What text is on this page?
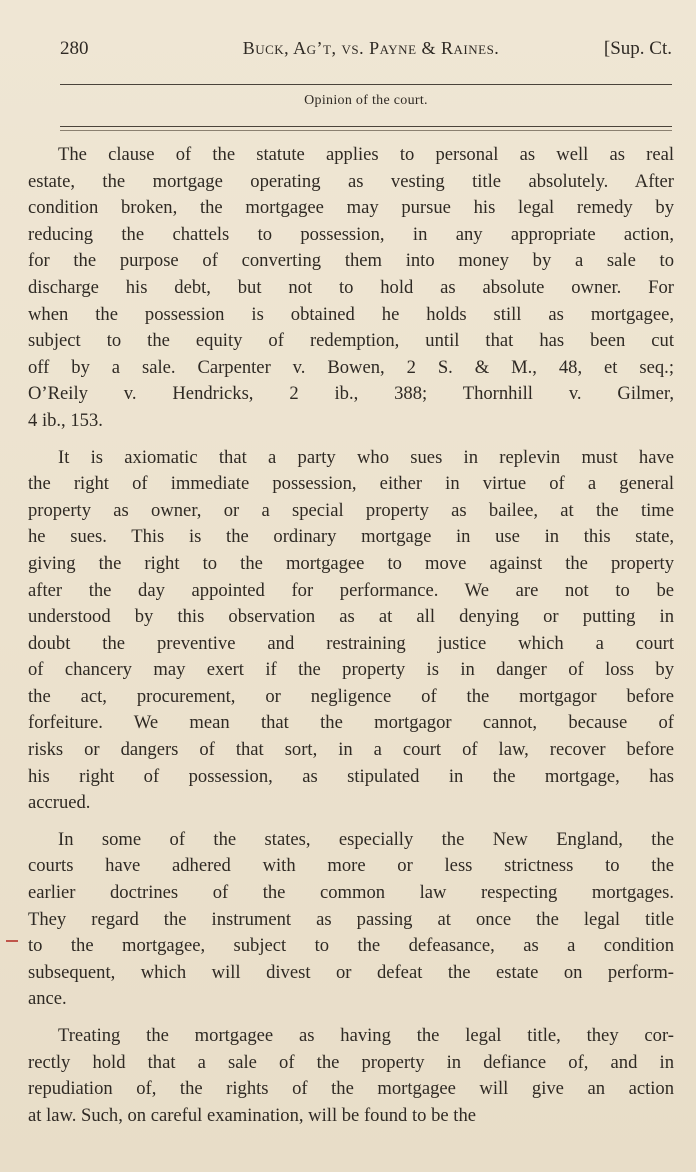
280	Buck, Ag’t, vs. Payne & Raines.	[Sup. Ct.
Opinion of the court.
The clause of the statute applies to personal as well as real
estate, the mortgage operating as vesting title absolutely. After
condition broken, the mortgagee may pursue his legal remedy by
reducing the chattels to possession, in any appropriate action,
for the purpose of converting them into money by a sale to
discharge his debt, but not to hold as absolute owner. For
when the possession is obtained he holds still as mortgagee,
subject to the equity of redemption, until that has been cut
off by a sale. Carpenter v. Bowen, 2 S. & M., 48, et seq.;
O’Reily v. Hendricks, 2 ib., 388; Thornhill v. Gilmer,
4 ib., 153.
It is axiomatic that a party who sues in replevin must have
the right of immediate possession, either in virtue of a general
property as owner, or a special property as bailee, at the time
he sues. This is the ordinary mortgage in use in this state,
giving the right to the mortgagee to move against the property
after the day appointed for performance. We are not to be
understood by this observation as at all denying or putting in
doubt the preventive and restraining justice which a court
of chancery may exert if the property is in danger of loss by
the act, procurement, or negligence of the mortgagor before
forfeiture. We mean that the mortgagor cannot, because of
risks or dangers of that sort, in a court of law, recover before
his right of possession, as stipulated in the mortgage, has
accrued.
In some of the states, especially the New England, the
courts have adhered with more or less strictness to the
earlier doctrines of the common law respecting mortgages.
They regard the instrument as passing at once the legal title
to the mortgagee, subject to the defeasance, as a condition
subsequent, which will divest or defeat the estate on perform-
ance.
Treating the mortgagee as having the legal title, they cor-
rectly hold that a sale of the property in defiance of, and in
repudiation of, the rights of the mortgagee will give an action
at law. Such, on careful examination, will be found to be the
